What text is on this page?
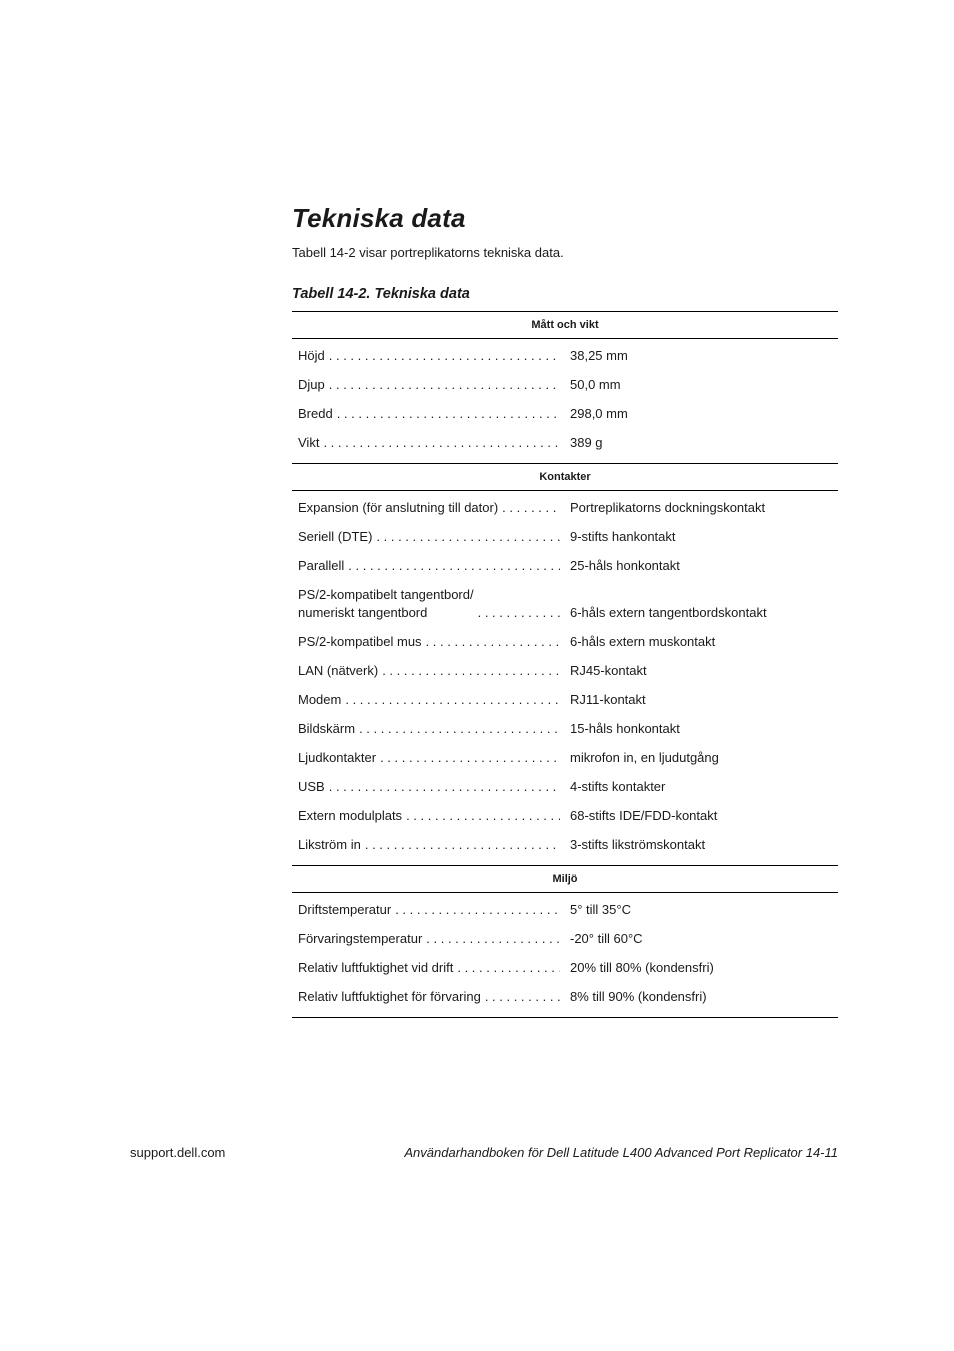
Tekniska data

Tabell 14-2 visar portreplikatorns tekniska data.

Tabell 14-2. Tekniska data

Mått och vikt
Höjd . . .	38,25 mm
Djup . . .	50,0 mm
Bredd . . .	298,0 mm
Vikt . . .	389 g
Kontakter
Expansion (för anslutning till dator) . . .	Portreplikatorns dockningskontakt
Seriell (DTE) . . .	9-stifts hankontakt
Parallell . . .	25-håls honkontakt
PS/2-kompatibelt tangentbord/
numeriskt tangentbord . . .	6-håls extern tangentbordskontakt
PS/2-kompatibel mus . . .	6-håls extern muskontakt
LAN (nätverk) . . .	RJ45-kontakt
Modem . . .	RJ11-kontakt
Bildskärm . . .	15-håls honkontakt
Ljudkontakter . . .	mikrofon in, en ljudutgång
USB . . .	4-stifts kontakter
Extern modulplats . . .	68-stifts IDE/FDD-kontakt
Likström in . . .	3-stifts likströmskontakt
Miljö
Driftstemperatur . . .	5° till 35°C
Förvaringstemperatur . . .	-20° till 60°C
Relativ luftfuktighet vid drift . . .	20% till 80% (kondensfri)
Relativ luftfuktighet för förvaring . . .	8% till 90% (kondensfri)

support.dell.com	Användarhandboken för Dell Latitude L400 Advanced Port Replicator 14-11
